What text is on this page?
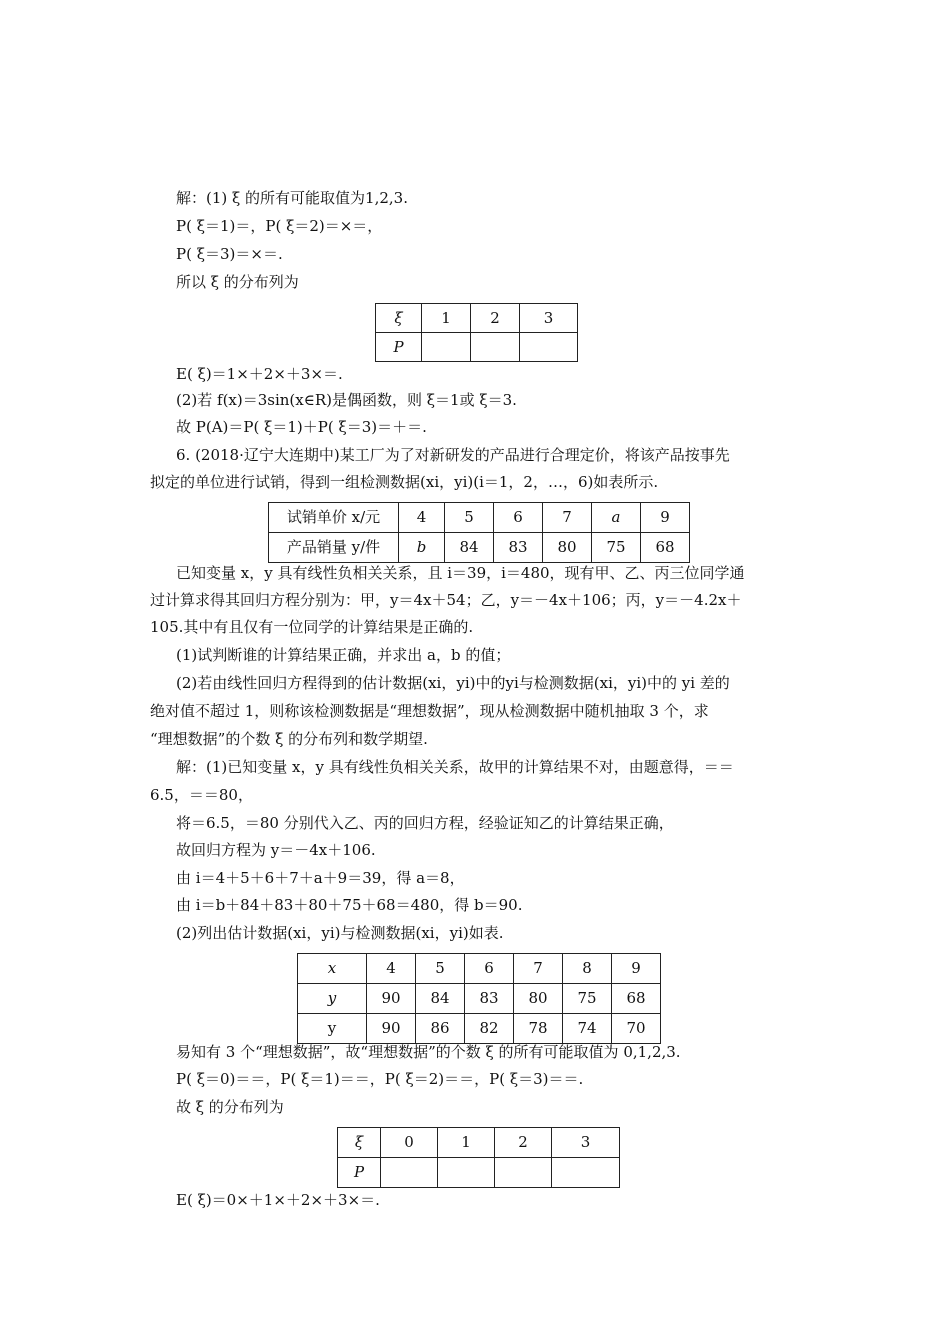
解：(1) ξ 的所有可能取值为1,2,3.
P( ξ＝1)＝，P( ξ＝2)＝×＝，
P( ξ＝3)＝×＝.
所以 ξ 的分布列为
ξ	1	2	3
P			
E( ξ)＝1×＋2×＋3×＝.
(2)若 f(x)＝3sin(x∈R)是偶函数，则 ξ＝1或 ξ＝3.
故 P(A)＝P( ξ＝1)＋P( ξ＝3)＝＋＝.
6. (2018·辽宁大连期中)某工厂为了对新研发的产品进行合理定价，将该产品按事先
拟定的单位进行试销，得到一组检测数据(xi，yi)(i＝1，2，…，6)如表所示.
试销单价 x/元	4	5	6	7	a	9
产品销量 y/件	b	84	83	80	75	68
已知变量 x，y 具有线性负相关关系，且 i＝39，i＝480，现有甲、乙、丙三位同学通
过计算求得其回归方程分别为：甲，y＝4x＋54；乙，y＝－4x＋106；丙，y＝－4.2x＋
105.其中有且仅有一位同学的计算结果是正确的.
(1)试判断谁的计算结果正确，并求出 a，b 的值；
(2)若由线性回归方程得到的估计数据(xi，yi)中的yi与检测数据(xi，yi)中的 yi 差的
绝对值不超过 1，则称该检测数据是“理想数据”，现从检测数据中随机抽取 3 个，求
“理想数据”的个数 ξ 的分布列和数学期望.
解：(1)已知变量 x，y 具有线性负相关关系，故甲的计算结果不对，由题意得，＝＝
6.5，＝＝80，
将＝6.5，＝80 分别代入乙、丙的回归方程，经验证知乙的计算结果正确，
故回归方程为 y＝－4x＋106.
由 i＝4＋5＋6＋7＋a＋9＝39，得 a＝8，
由 i＝b＋84＋83＋80＋75＋68＝480，得 b＝90.
(2)列出估计数据(xi，yi)与检测数据(xi，yi)如表.
x	4	5	6	7	8	9
y	90	84	83	80	75	68
y	90	86	82	78	74	70
易知有 3 个“理想数据”，故“理想数据”的个数 ξ 的所有可能取值为 0,1,2,3.
P( ξ＝0)＝＝，P( ξ＝1)＝＝，P( ξ＝2)＝＝，P( ξ＝3)＝＝.
故 ξ 的分布列为
ξ	0	1	2	3
P				
E( ξ)＝0×＋1×＋2×＋3×＝.
